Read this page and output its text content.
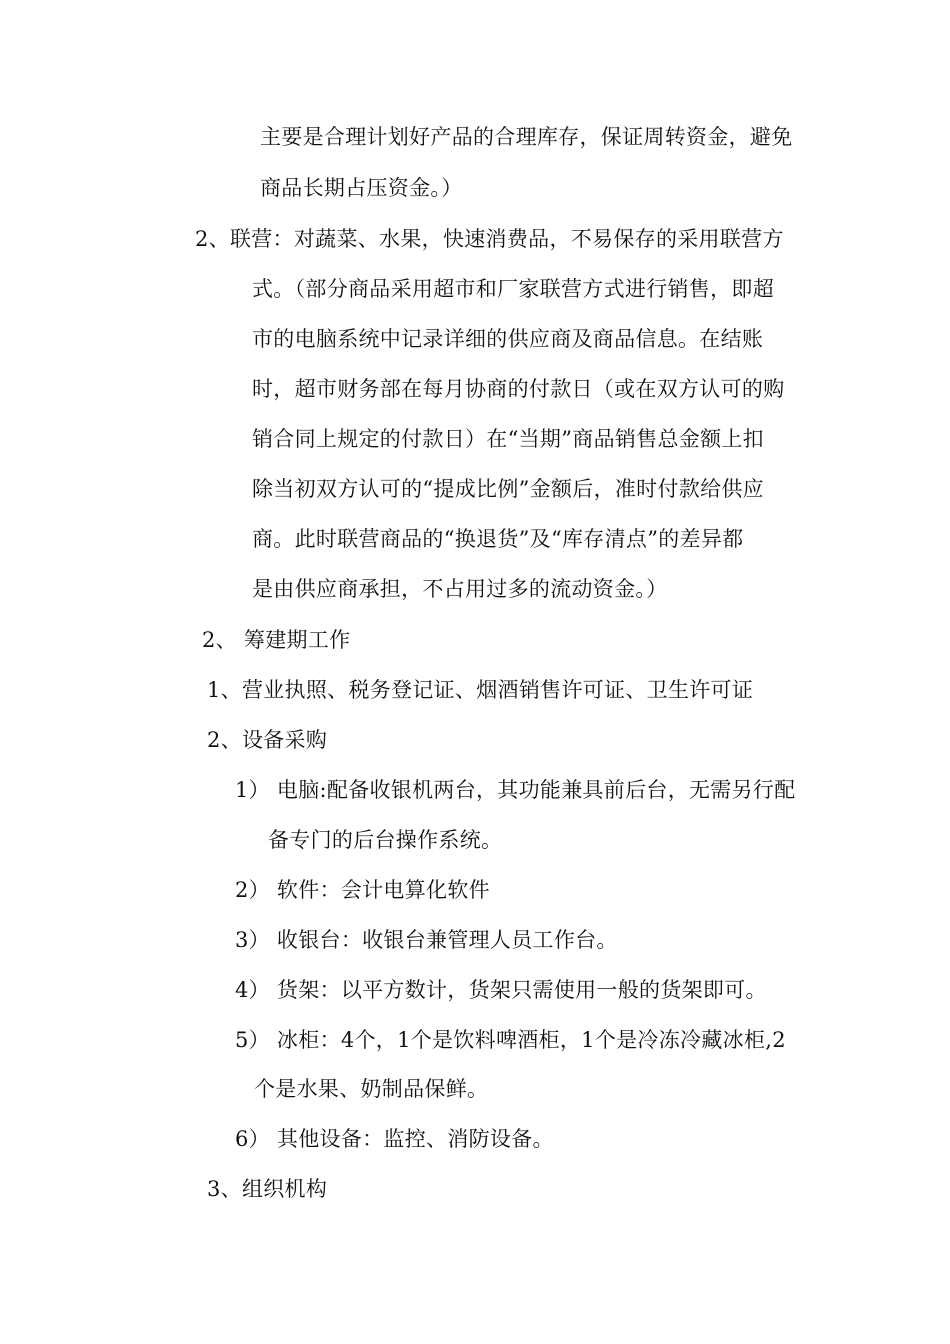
主要是合理计划好产品的合理库存，保证周转资金，避免
商品长期占压资金。）
2、联营：对蔬菜、水果，快速消费品，不易保存的采用联营方
式。（部分商品采用超市和厂家联营方式进行销售，即超
市的电脑系统中记录详细的供应商及商品信息。在结账
时，超市财务部在每月协商的付款日（或在双方认可的购
销合同上规定的付款日）在“当期”商品销售总金额上扣
除当初双方认可的“提成比例”金额后，准时付款给供应
商。此时联营商品的“换退货”及“库存清点”的差异都
是由供应商承担，不占用过多的流动资金。）
2、 筹建期工作
1、营业执照、税务登记证、烟酒销售许可证、卫生许可证
2、设备采购
1） 电脑:配备收银机两台，其功能兼具前后台，无需另行配
备专门的后台操作系统。
2） 软件：会计电算化软件
3） 收银台：收银台兼管理人员工作台。
4） 货架：以平方数计，货架只需使用一般的货架即可。
5） 冰柜：4个，1个是饮料啤酒柜，1个是冷冻冷藏冰柜,2
个是水果、奶制品保鲜。
6） 其他设备：监控、消防设备。
3、组织机构
